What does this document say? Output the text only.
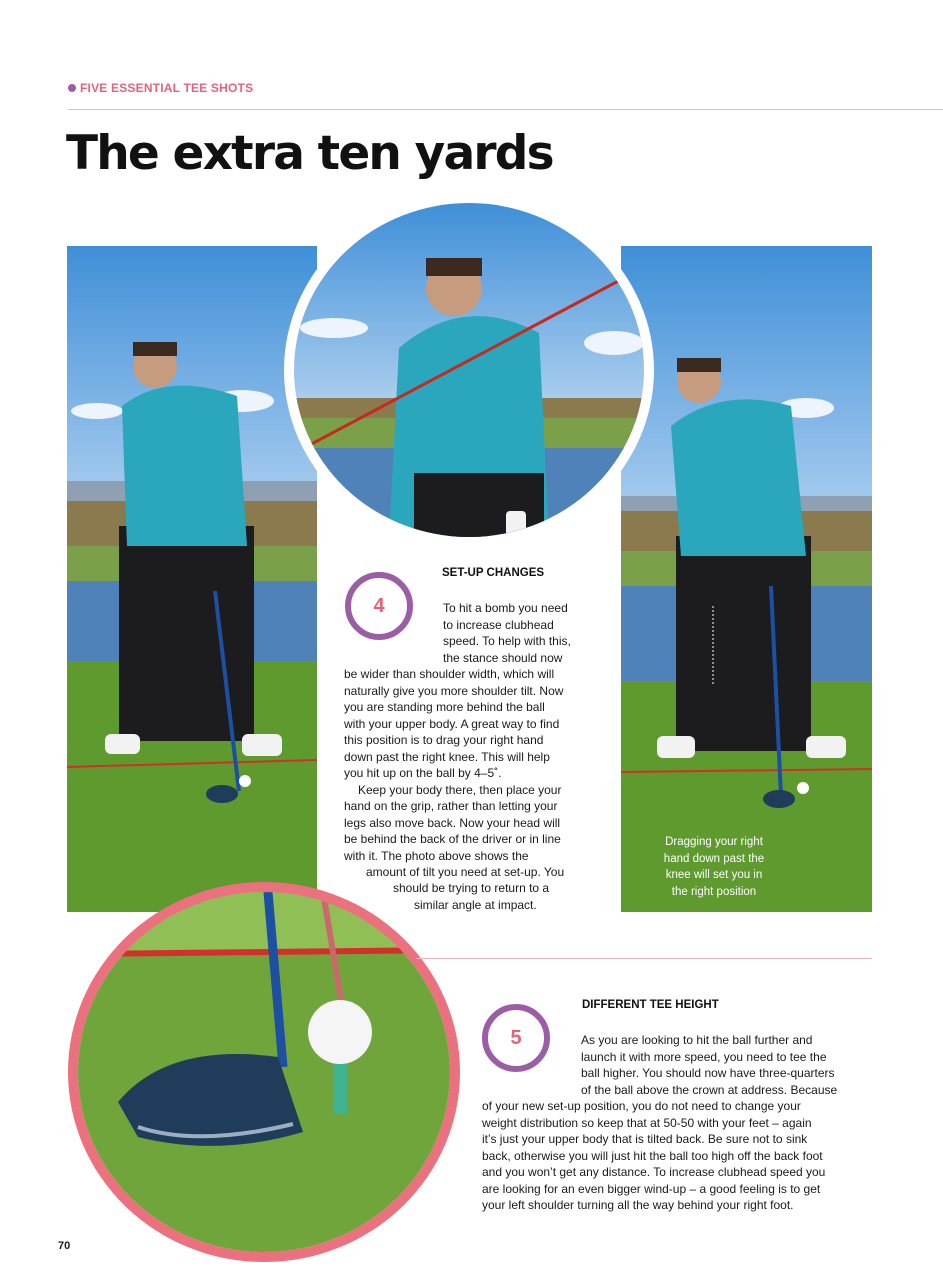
FIVE ESSENTIAL TEE SHOTS
The extra ten yards
Dragging your right
hand down past the
knee will set you in
the right position
4
SET-UP CHANGES
To hit a bomb you need
to increase clubhead
speed. To help with this,
the stance should now
be wider than shoulder width, which will
naturally give you more shoulder tilt. Now
you are standing more behind the ball
with your upper body. A great way to find
this position is to drag your right hand
down past the right knee. This will help
you hit up on the ball by 4–5˚.
Keep your body there, then place your
hand on the grip, rather than letting your
legs also move back. Now your head will
be behind the back of the driver or in line
with it. The photo above shows the
amount of tilt you need at set-up. You
should be trying to return to a
similar angle at impact.
5
DIFFERENT TEE HEIGHT
As you are looking to hit the ball further and
launch it with more speed, you need to tee the
ball higher. You should now have three-quarters
of the ball above the crown at address. Because
of your new set-up position, you do not need to change your
weight distribution so keep that at 50-50 with your feet – again
it’s just your upper body that is tilted back. Be sure not to sink
back, otherwise you will just hit the ball too high off the back foot
and you won’t get any distance. To increase clubhead speed you
are looking for an even bigger wind-up – a good feeling is to get
your left shoulder turning all the way behind your right foot.
70
